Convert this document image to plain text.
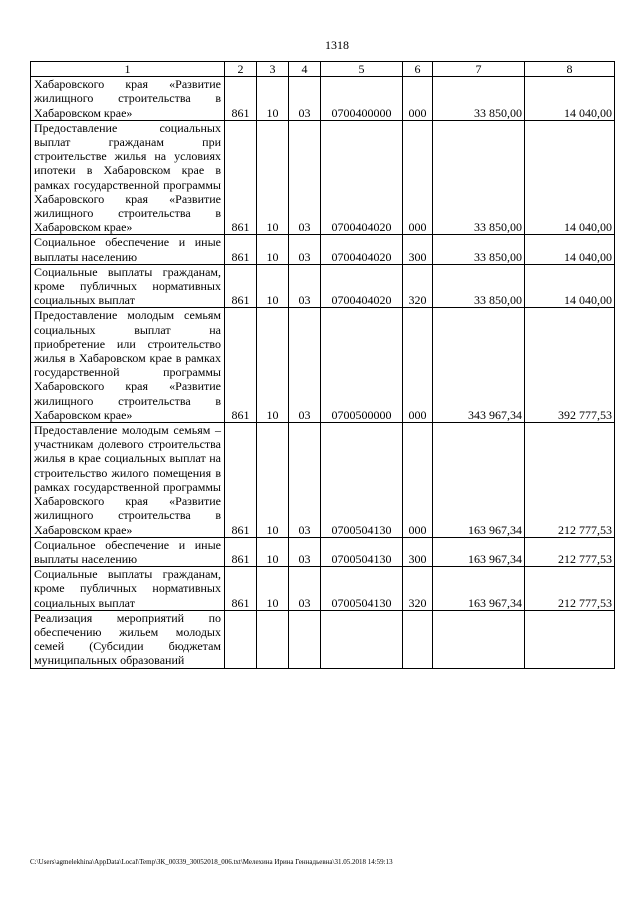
1318
1	2	3	4	5	6	7	8
Хабаровского края «Развитие жилищного строительства в Хабаровском крае»	861	10	03	0700400000	000	33 850,00	14 040,00
Предоставление социальных выплат гражданам при строительстве жилья на условиях ипотеки в Хабаровском крае в рамках государственной программы Хабаровского края «Развитие жилищного строительства в Хабаровском крае»	861	10	03	0700404020	000	33 850,00	14 040,00
Социальное обеспечение и иные выплаты населению	861	10	03	0700404020	300	33 850,00	14 040,00
Социальные выплаты гражданам, кроме публичных нормативных социальных выплат	861	10	03	0700404020	320	33 850,00	14 040,00
Предоставление молодым семьям социальных выплат на приобретение или строительство жилья в Хабаровском крае в рамках государственной программы Хабаровского края «Развитие жилищного строительства в Хабаровском крае»	861	10	03	0700500000	000	343 967,34	392 777,53
Предоставление молодым семьям – участникам долевого строительства жилья в крае социальных выплат на строительство жилого помещения в рамках государственной программы Хабаровского края «Развитие жилищного строительства в Хабаровском крае»	861	10	03	0700504130	000	163 967,34	212 777,53
Социальное обеспечение и иные выплаты населению	861	10	03	0700504130	300	163 967,34	212 777,53
Социальные выплаты гражданам, кроме публичных нормативных социальных выплат	861	10	03	0700504130	320	163 967,34	212 777,53
Реализация мероприятий по обеспечению жильем молодых семей (Субсидии бюджетам муниципальных образований							
C:\Users\agmelekhina\AppData\Local\Temp\ЗК_00339_30052018_006.txt\Мелехина Ирина Геннадьевна\31.05.2018 14:59:13
